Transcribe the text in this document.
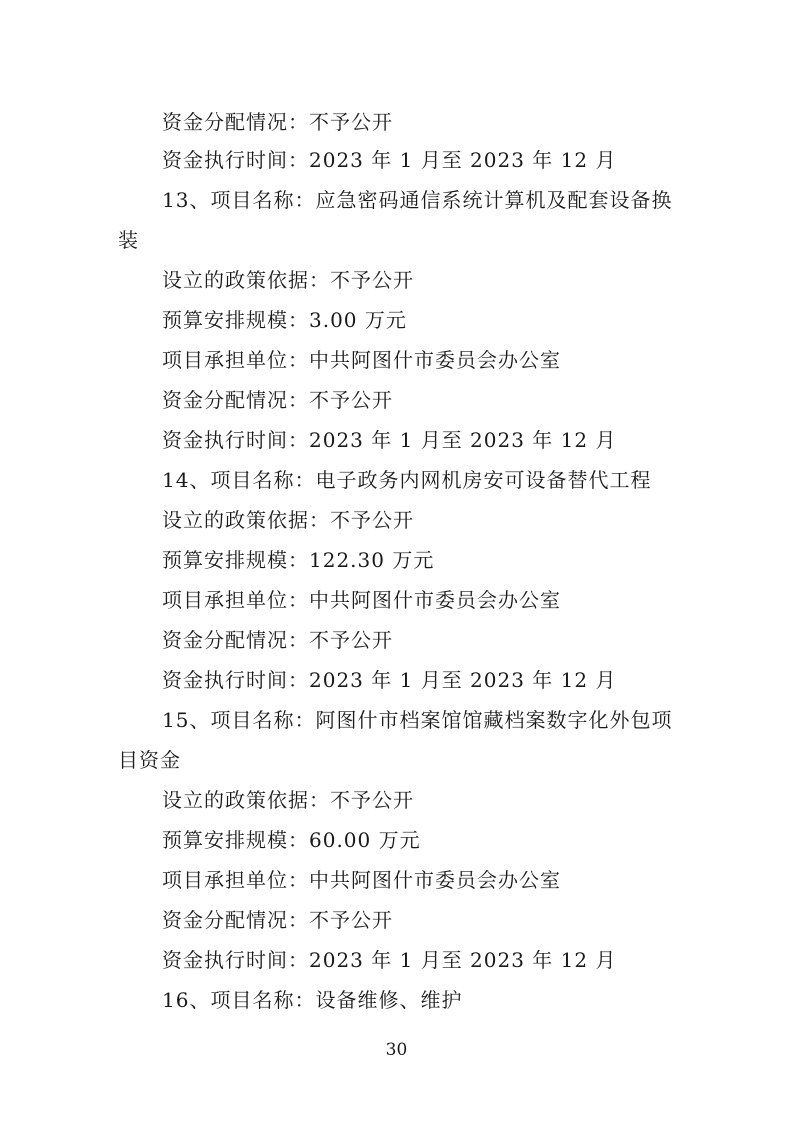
资金分配情况：不予公开
资金执行时间：2023 年 1 月至 2023 年 12 月
13、项目名称：应急密码通信系统计算机及配套设备换
装
设立的政策依据：不予公开
预算安排规模：3.00 万元
项目承担单位：中共阿图什市委员会办公室
资金分配情况：不予公开
资金执行时间：2023 年 1 月至 2023 年 12 月
14、项目名称：电子政务内网机房安可设备替代工程
设立的政策依据：不予公开
预算安排规模：122.30 万元
项目承担单位：中共阿图什市委员会办公室
资金分配情况：不予公开
资金执行时间：2023 年 1 月至 2023 年 12 月
15、项目名称：阿图什市档案馆馆藏档案数字化外包项
目资金
设立的政策依据：不予公开
预算安排规模：60.00 万元
项目承担单位：中共阿图什市委员会办公室
资金分配情况：不予公开
资金执行时间：2023 年 1 月至 2023 年 12 月
16、项目名称：设备维修、维护
30
